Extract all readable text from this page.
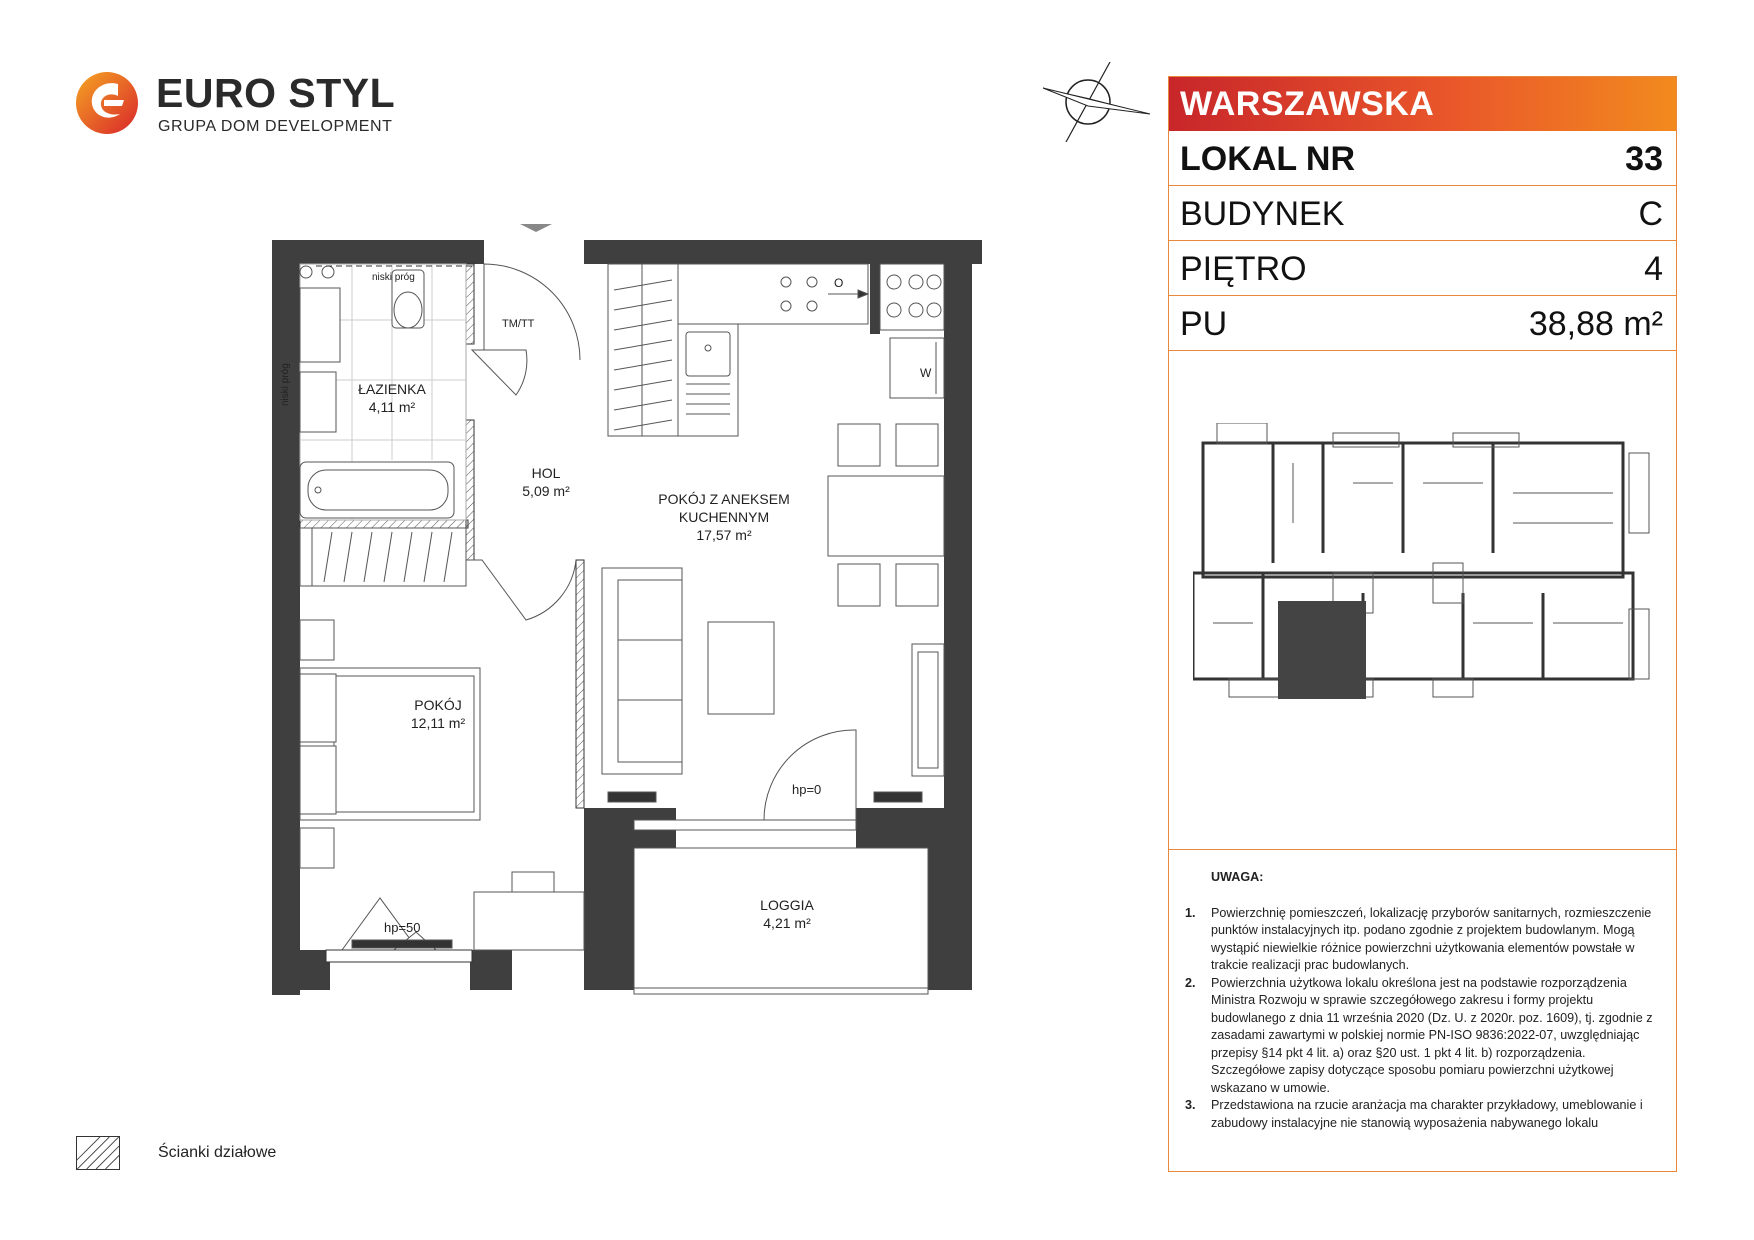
EURO STYL
GRUPA DOM DEVELOPMENT
ŁAZIENKA
4,11 m²
HOL
5,09 m²	POKÓJ Z ANEKSEM
KUCHENNYM
17,57 m²
POKÓJ
12,11 m²
LOGGIA
4,21 m²
niski próg
niski próg
TM/TT
O
W
hp=0
hp=50
WARSZAWSKA
LOKAL NR	33
BUDYNEK	C
PIĘTRO	4
PU	38,88 m²
UWAGA:
1. Powierzchnię pomieszczeń, lokalizację przyborów sanitarnych, rozmieszczenie punktów instalacyjnych itp. podano zgodnie z projektem budowlanym. Mogą wystąpić niewielkie różnice powierzchni użytkowania elementów powstałe w trakcie realizacji prac budowlanych.
2. Powierzchnia użytkowa lokalu określona jest na podstawie rozporządzenia Ministra Rozwoju w sprawie szczegółowego zakresu i formy projektu budowlanego z dnia 11 września 2020 (Dz. U. z 2020r. poz. 1609), tj. zgodnie z zasadami zawartymi w polskiej normie PN-ISO 9836:2022-07, uwzględniając przepisy §14 pkt 4 lit. a) oraz §20 ust. 1 pkt 4 lit. b) rozporządzenia. Szczegółowe zapisy dotyczące sposobu pomiaru powierzchni użytkowej wskazano w umowie.
3. Przedstawiona na rzucie aranżacja ma charakter przykładowy, umeblowanie i zabudowy instalacyjne nie stanowią wyposażenia nabywanego lokalu
Ścianki działowe
